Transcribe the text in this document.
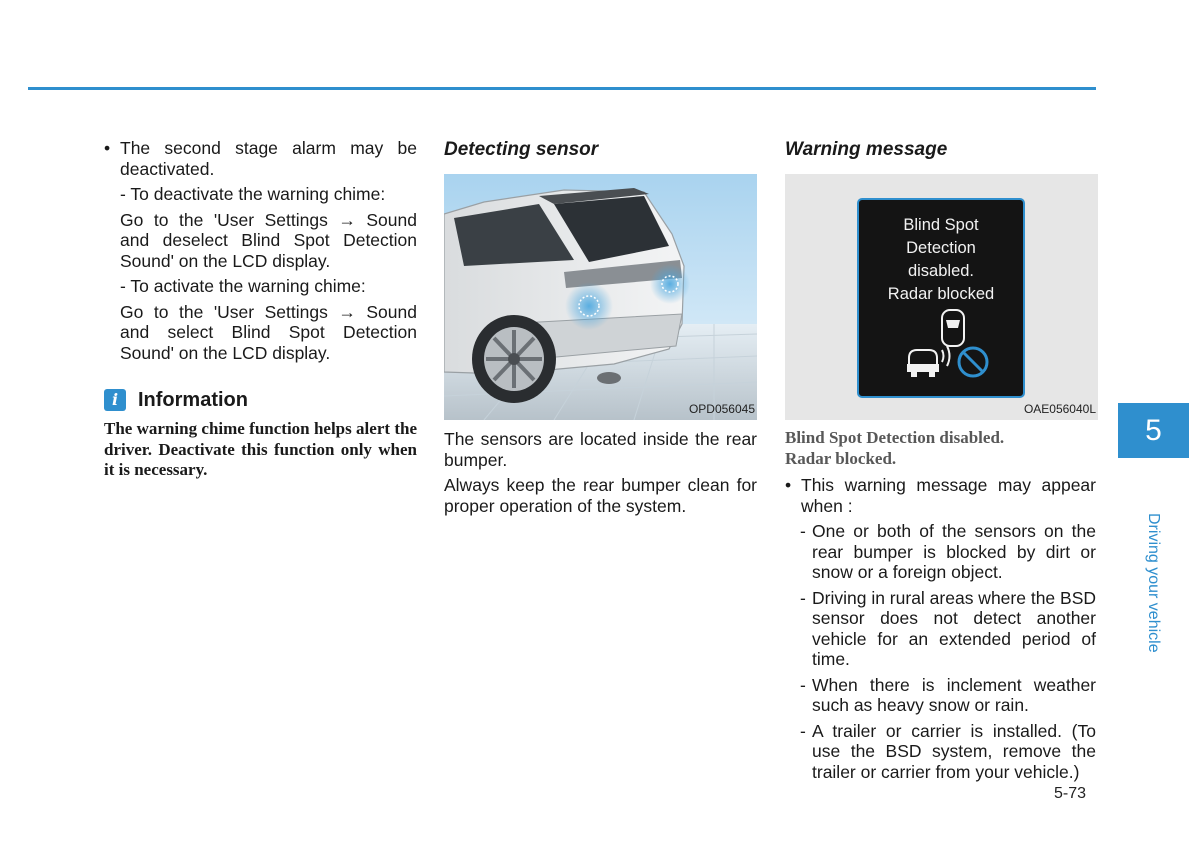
• The second stage alarm may be deactivated.

- To deactivate the warning chime:

Go to the 'User Settings → Sound and deselect Blind Spot Detection Sound' on the LCD display.

- To activate the warning chime:

Go to the 'User Settings → Sound and select Blind Spot Detection Sound' on the LCD display.

i Information

The warning chime function helps alert the driver. Deactivate this function only when it is necessary.

Detecting sensor

OPD056045

The sensors are located inside the rear bumper.

Always keep the rear bumper clean for proper operation of the system.

Warning message

Blind Spot
Detection
disabled.
Radar blocked
OAE056040L

Blind Spot Detection disabled.

Radar blocked.

• This warning message may appear when :

- One or both of the sensors on the rear bumper is blocked by dirt or snow or a foreign object.

- Driving in rural areas where the BSD sensor does not detect another vehicle for an extended period of time.

- When there is inclement weather such as heavy snow or rain.

- A trailer or carrier is installed. (To use the BSD system, remove the trailer or carrier from your vehicle.)

5-73
5
Driving your vehicle
